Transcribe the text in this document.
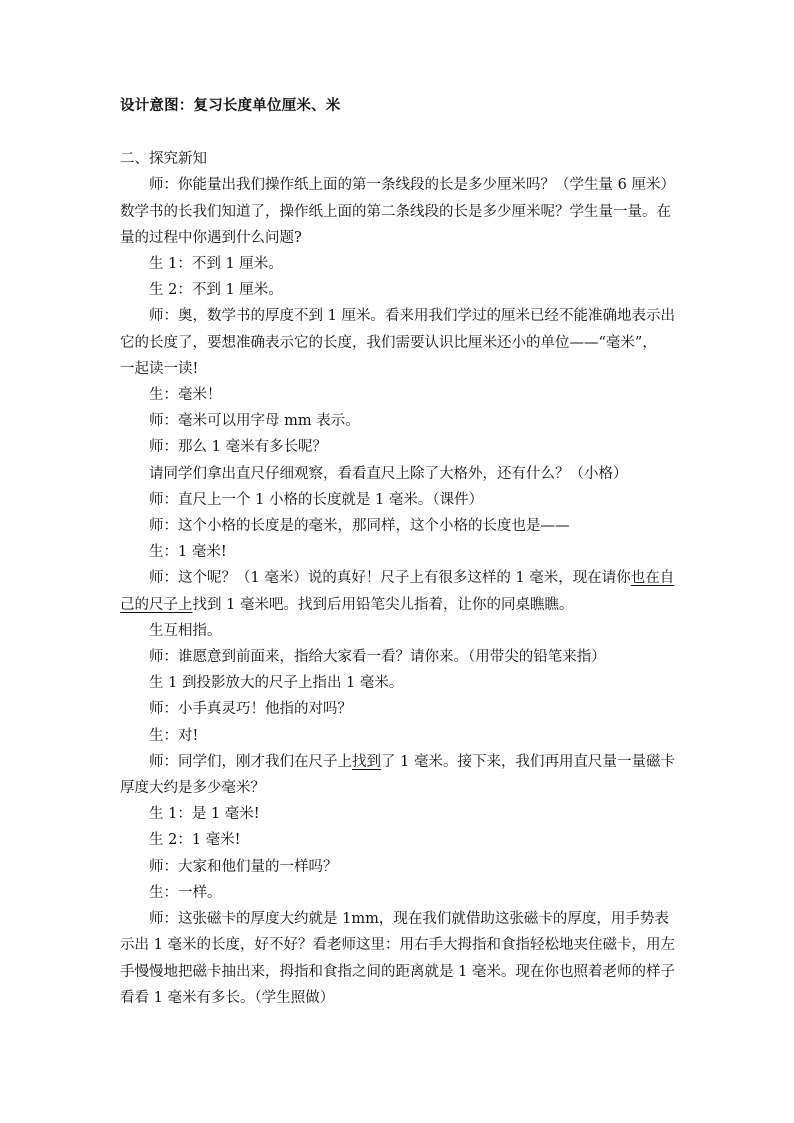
设计意图：复习长度单位厘米、米
二、探究新知

师：你能量出我们操作纸上面的第一条线段的长是多少厘米吗？（学生量 6 厘米）数学书的长我们知道了，操作纸上面的第二条线段的长是多少厘米呢？学生量一量。在量的过程中你遇到什么问题?

生 1：不到 1 厘米。

生 2：不到 1 厘米。

师：奥，数学书的厚度不到 1 厘米。看来用我们学过的厘米已经不能准确地表示出它的长度了，要想准确表示它的长度，我们需要认识比厘米还小的单位——“毫米”， 一起读一读!

生：毫米！

师：毫米可以用字母 mm 表示。

师：那么 1 毫米有多长呢？

请同学们拿出直尺仔细观察，看看直尺上除了大格外，还有什么？（小格）

师：直尺上一个 1 小格的长度就是 1 毫米。（课件）

师：这个小格的长度是的毫米，那同样，这个小格的长度也是——

生：1 毫米!

师：这个呢？（1 毫米）说的真好！尺子上有很多这样的 1 毫米，现在请你也在自己的尺子上找到 1 毫米吧。找到后用铅笔尖儿指着，让你的同桌瞧瞧。

生互相指。

师：谁愿意到前面来，指给大家看一看？请你来。（用带尖的铅笔来指）

生 1 到投影放大的尺子上指出 1 毫米。

师：小手真灵巧！他指的对吗？

生：对!

师：同学们，刚才我们在尺子上找到了 1 毫米。接下来，我们再用直尺量一量磁卡厚度大约是多少毫米？

生 1：是 1 毫米!

生 2：1 毫米!

师：大家和他们量的一样吗？

生：一样。

师：这张磁卡的厚度大约就是 1mm，现在我们就借助这张磁卡的厚度，用手势表示出 1 毫米的长度，好不好？看老师这里：用右手大拇指和食指轻松地夹住磁卡，用左手慢慢地把磁卡抽出来，拇指和食指之间的距离就是 1 毫米。现在你也照着老师的样子看看 1 毫米有多长。（学生照做）
